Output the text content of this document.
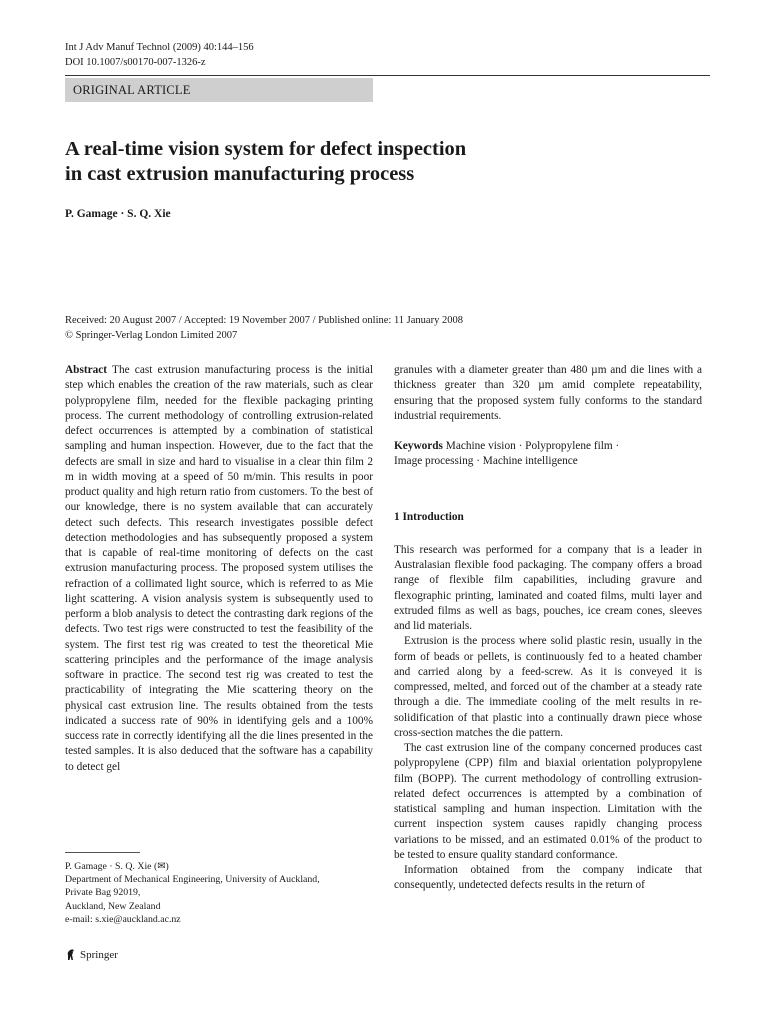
Int J Adv Manuf Technol (2009) 40:144–156
DOI 10.1007/s00170-007-1326-z
ORIGINAL ARTICLE
A real-time vision system for defect inspection
in cast extrusion manufacturing process
P. Gamage · S. Q. Xie
Received: 20 August 2007 / Accepted: 19 November 2007 / Published online: 11 January 2008
© Springer-Verlag London Limited 2007

Abstract The cast extrusion manufacturing process is the initial step which enables the creation of the raw materials, such as clear polypropylene film, needed for the flexible packaging printing process. The current methodology of controlling extrusion-related defect occurrences is attempted by a combination of statistical sampling and human inspection. However, due to the fact that the defects are small in size and hard to visualise in a clear thin film 2 m in width moving at a speed of 50 m/min. This results in poor product quality and high return ratio from customers. To the best of our knowledge, there is no system available that can accurately detect such defects. This research investigates possible defect detection methodologies and has subsequently proposed a system that is capable of real-time monitoring of defects on the cast extrusion manufacturing process. The proposed system utilises the refraction of a collimated light source, which is referred to as Mie light scattering. A vision analysis system is subsequently used to perform a blob analysis to detect the contrasting dark regions of the defects. Two test rigs were constructed to test the feasibility of the system. The first test rig was created to test the theoretical Mie scattering principles and the performance of the image analysis software in practice. The second test rig was created to test the practicability of integrating the Mie scattering theory on the physical cast extrusion line. The results obtained from the tests indicated a success rate of 90% in identifying gels and a 100% success rate in correctly identifying all the die lines presented in the tested samples. It is also deduced that the software has a capability to detect gel

granules with a diameter greater than 480 µm and die lines with a thickness greater than 320 µm amid complete repeatability, ensuring that the proposed system fully conforms to the standard industrial requirements.

Keywords Machine vision · Polypropylene film ·
Image processing · Machine intelligence

1 Introduction

This research was performed for a company that is a leader in Australasian flexible food packaging. The company offers a broad range of flexible film capabilities, including gravure and flexographic printing, laminated and coated films, multi layer and extruded films as well as bags, pouches, ice cream cones, sleeves and lid materials.

Extrusion is the process where solid plastic resin, usually in the form of beads or pellets, is continuously fed to a heated chamber and carried along by a feed-screw. As it is conveyed it is compressed, melted, and forced out of the chamber at a steady rate through a die. The immediate cooling of the melt results in re-solidification of that plastic into a continually drawn piece whose cross-section matches the die pattern.

The cast extrusion line of the company concerned produces cast polypropylene (CPP) film and biaxial orientation polypropylene film (BOPP). The current methodology of controlling extrusion-related defect occurrences is attempted by a combination of statistical sampling and human inspection. Limitation with the current inspection system causes rapidly changing process variations to be missed, and an estimated 0.01% of the product to be tested to ensure quality standard conformance.

Information obtained from the company indicate that consequently, undetected defects results in the return of

P. Gamage · S. Q. Xie (✉)
Department of Mechanical Engineering, University of Auckland,
Private Bag 92019,
Auckland, New Zealand
e-mail: s.xie@auckland.ac.nz
Springer
